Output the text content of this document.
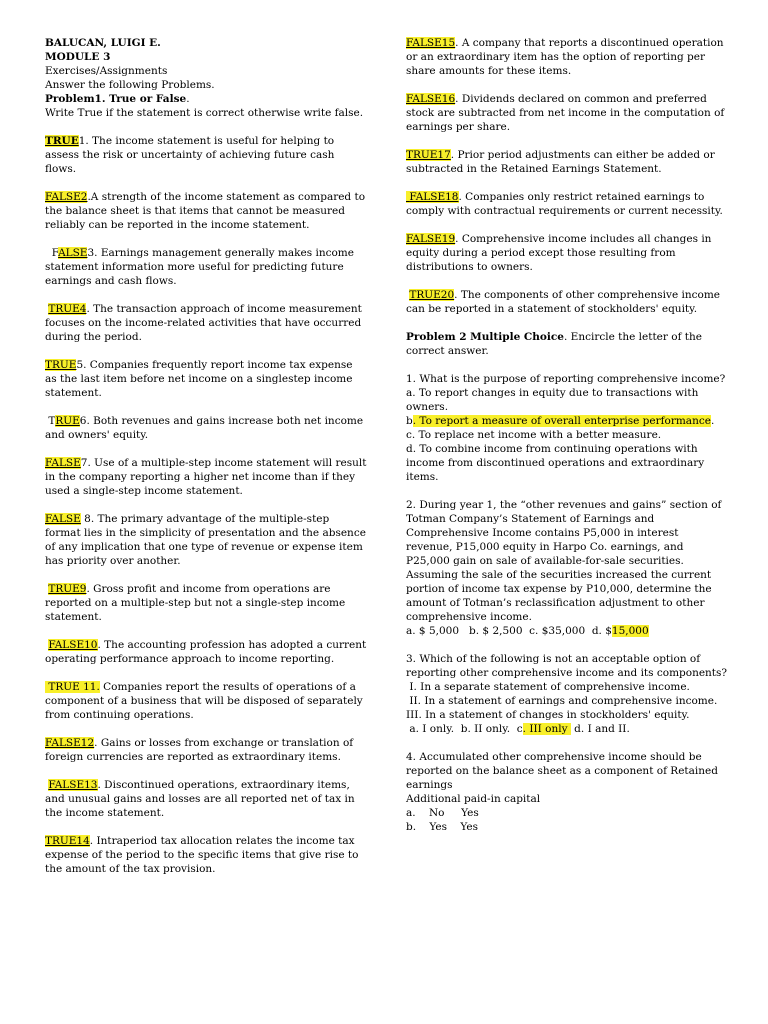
BALUCAN, LUIGI E.
MODULE 3
Exercises/Assignments
Answer the following Problems.
Problem1. True or False.

Write True if the statement is correct otherwise write false.

TRUE1. The income statement is useful for helping to assess the risk or uncertainty of achieving future cash flows.

FALSE2.A strength of the income statement as compared to the balance sheet is that items that cannot be measured reliably can be reported in the income statement.

FALSE3. Earnings management generally makes income statement information more useful for predicting future earnings and cash flows.

TRUE4. The transaction approach of income measurement focuses on the income-related activities that have occurred during the period.

TRUE5. Companies frequently report income tax expense as the last item before net income on a singlestep income statement.

TRUE6. Both revenues and gains increase both net income and owners' equity.

FALSE7. Use of a multiple-step income statement will result in the company reporting a higher net income than if they used a single-step income statement.

FALSE 8. The primary advantage of the multiple-step format lies in the simplicity of presentation and the absence of any implication that one type of revenue or expense item has priority over another.

TRUE9. Gross profit and income from operations are reported on a multiple-step but not a single-step income statement.

FALSE10. The accounting profession has adopted a current operating performance approach to income reporting.

TRUE 11. Companies report the results of operations of a component of a business that will be disposed of separately from continuing operations.

FALSE12. Gains or losses from exchange or translation of foreign currencies are reported as extraordinary items.

FALSE13. Discontinued operations, extraordinary items, and unusual gains and losses are all reported net of tax in the income statement.

TRUE14. Intraperiod tax allocation relates the income tax expense of the period to the specific items that give rise to the amount of the tax provision.

FALSE15. A company that reports a discontinued operation or an extraordinary item has the option of reporting per share amounts for these items.

FALSE16. Dividends declared on common and preferred stock are subtracted from net income in the computation of earnings per share.

TRUE17. Prior period adjustments can either be added or subtracted in the Retained Earnings Statement.

FALSE18. Companies only restrict retained earnings to comply with contractual requirements or current necessity.

FALSE19. Comprehensive income includes all changes in equity during a period except those resulting from distributions to owners.

TRUE20. The components of other comprehensive income can be reported in a statement of stockholders' equity.

Problem 2 Multiple Choice. Encircle the letter of the correct answer.

1. What is the purpose of reporting comprehensive income?
a. To report changes in equity due to transactions with owners.
b. To report a measure of overall enterprise performance.
c. To replace net income with a better measure.
d. To combine income from continuing operations with income from discontinued operations and extraordinary items.
2. During year 1, the “other revenues and gains” section of Totman Company’s Statement of Earnings and Comprehensive Income contains P5,000 in interest revenue, P15,000 equity in Harpo Co. earnings, and P25,000 gain on sale of available-for-sale securities. Assuming the sale of the securities increased the current portion of income tax expense by P10,000, determine the amount of Totman’s reclassification adjustment to other comprehensive income.
a. $ 5,000   b. $ 2,500  c. $35,000  d. $15,000
3. Which of the following is not an acceptable option of reporting other comprehensive income and its components?
I. In a separate statement of comprehensive income.
II. In a statement of earnings and comprehensive income.
III. In a statement of changes in stockholders' equity.
a. I only.  b. II only.  c. III only  d. I and II.
4. Accumulated other comprehensive income should be reported on the balance sheet as a component of Retained earnings
Additional paid-in capital
a.    No     Yes
b.    Yes    Yes
